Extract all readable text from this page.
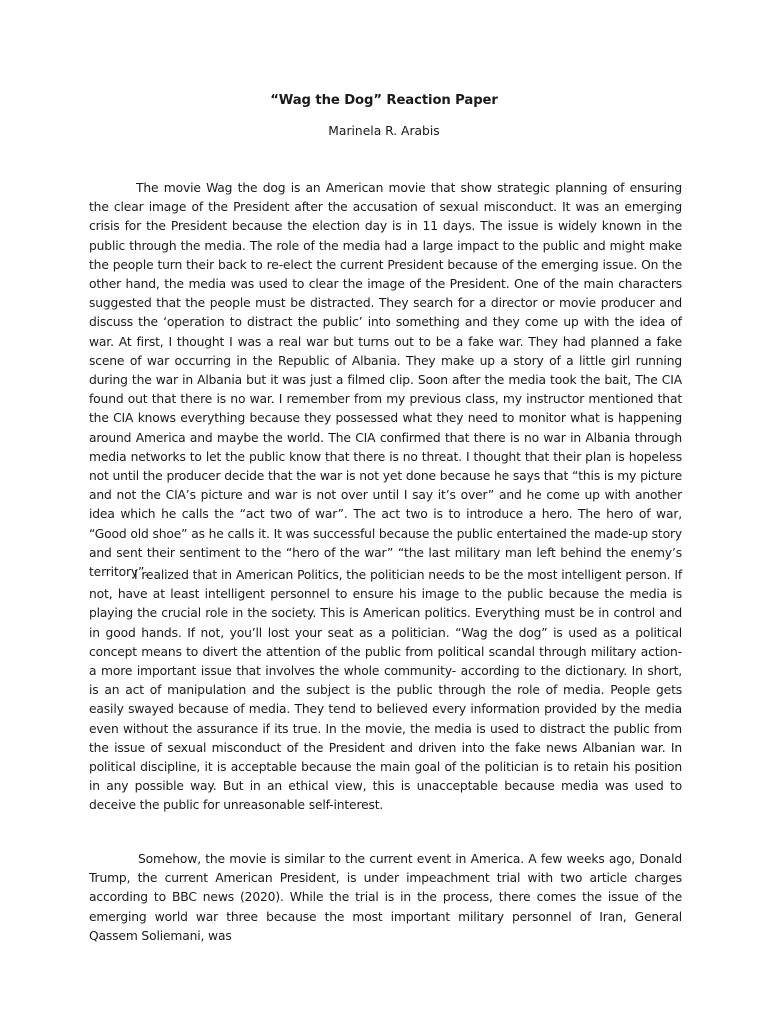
“Wag the Dog” Reaction Paper
Marinela R. Arabis

The movie Wag the dog is an American movie that show strategic planning of ensuring the clear image of the President after the accusation of sexual misconduct. It was an emerging crisis for the President because the election day is in 11 days. The issue is widely known in the public through the media. The role of the media had a large impact to the public and might make the people turn their back to re-elect the current President because of the emerging issue. On the other hand, the media was used to clear the image of the President. One of the main characters suggested that the people must be distracted. They search for a director or movie producer and discuss the ‘operation to distract the public’ into something and they come up with the idea of war. At first, I thought I was a real war but turns out to be a fake war. They had planned a fake scene of war occurring in the Republic of Albania. They make up a story of a little girl running during the war in Albania but it was just a filmed clip. Soon after the media took the bait, The CIA found out that there is no war. I remember from my previous class, my instructor mentioned that the CIA knows everything because they possessed what they need to monitor what is happening around America and maybe the world. The CIA confirmed that there is no war in Albania through media networks to let the public know that there is no threat. I thought that their plan is hopeless not until the producer decide that the war is not yet done because he says that “this is my picture and not the CIA’s picture and war is not over until I say it’s over” and he come up with another idea which he calls the “act two of war”. The act two is to introduce a hero. The hero of war, “Good old shoe” as he calls it. It was successful because the public entertained the made-up story and sent their sentiment to the “hero of the war” “the last military man left behind the enemy’s territory”.

I realized that in American Politics, the politician needs to be the most intelligent person. If not, have at least intelligent personnel to ensure his image to the public because the media is playing the crucial role in the society. This is American politics. Everything must be in control and in good hands. If not, you’ll lost your seat as a politician. “Wag the dog” is used as a political concept means to divert the attention of the public from political scandal through military action- a more important issue that involves the whole community- according to the dictionary. In short, is an act of manipulation and the subject is the public through the role of media. People gets easily swayed because of media. They tend to believed every information provided by the media even without the assurance if its true. In the movie, the media is used to distract the public from the issue of sexual misconduct of the President and driven into the fake news Albanian war. In political discipline, it is acceptable because the main goal of the politician is to retain his position in any possible way. But in an ethical view, this is unacceptable because media was used to deceive the public for unreasonable self-interest.

Somehow, the movie is similar to the current event in America. A few weeks ago, Donald Trump, the current American President, is under impeachment trial with two article charges according to BBC news (2020). While the trial is in the process, there comes the issue of the emerging world war three because the most important military personnel of Iran, General Qassem Soliemani, was
